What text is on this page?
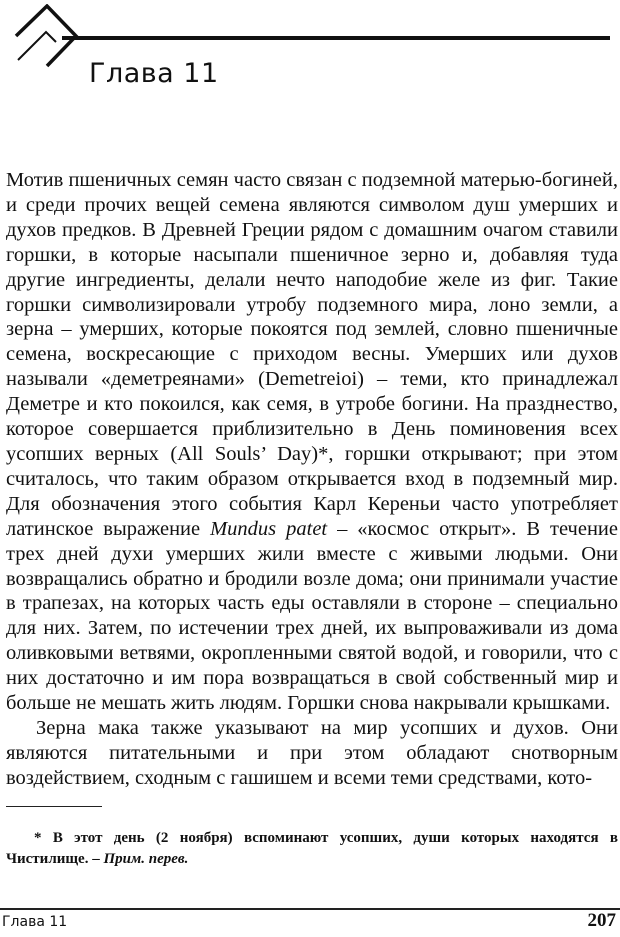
Глава 11

Мотив пшеничных семян часто связан с подземной матерью-богиней, и среди прочих вещей семена являются символом душ умерших и духов предков. В Древней Греции рядом с домашним очагом ставили горшки, в которые насыпали пшеничное зерно и, добавляя туда другие ингредиенты, делали нечто наподобие желе из фиг. Такие горшки символизировали утробу подземного мира, лоно земли, а зерна – умерших, которые покоятся под землей, словно пшеничные семена, воскресающие с приходом весны. Умерших или духов называли «деметреянами» (Demetreioi) – теми, кто принадлежал Деметре и кто покоился, как семя, в утробе богини. На празднество, которое совершается приблизительно в День поминовения всех усопших верных (All Souls’ Day)*, горшки открывают; при этом считалось, что таким образом открывается вход в подземный мир. Для обозначения этого события Карл Кереньи часто употребляет латинское выражение Mundus patet – «космос открыт». В течение трех дней духи умерших жили вместе с живыми людьми. Они возвращались обратно и бродили возле дома; они принимали участие в трапезах, на которых часть еды оставляли в стороне – специально для них. Затем, по истечении трех дней, их выпроваживали из дома оливковыми ветвями, окропленными святой водой, и говорили, что с них достаточно и им пора возвращаться в свой собственный мир и больше не мешать жить людям. Горшки снова накрывали крышками.

Зерна мака также указывают на мир усопших и духов. Они являются питательными и при этом обладают снотворным воздействием, сходным с гашишем и всеми теми средствами, кото-

* В этот день (2 ноября) вспоминают усопших, души которых находятся в Чистилище. – Прим. перев.

Глава 11	207
